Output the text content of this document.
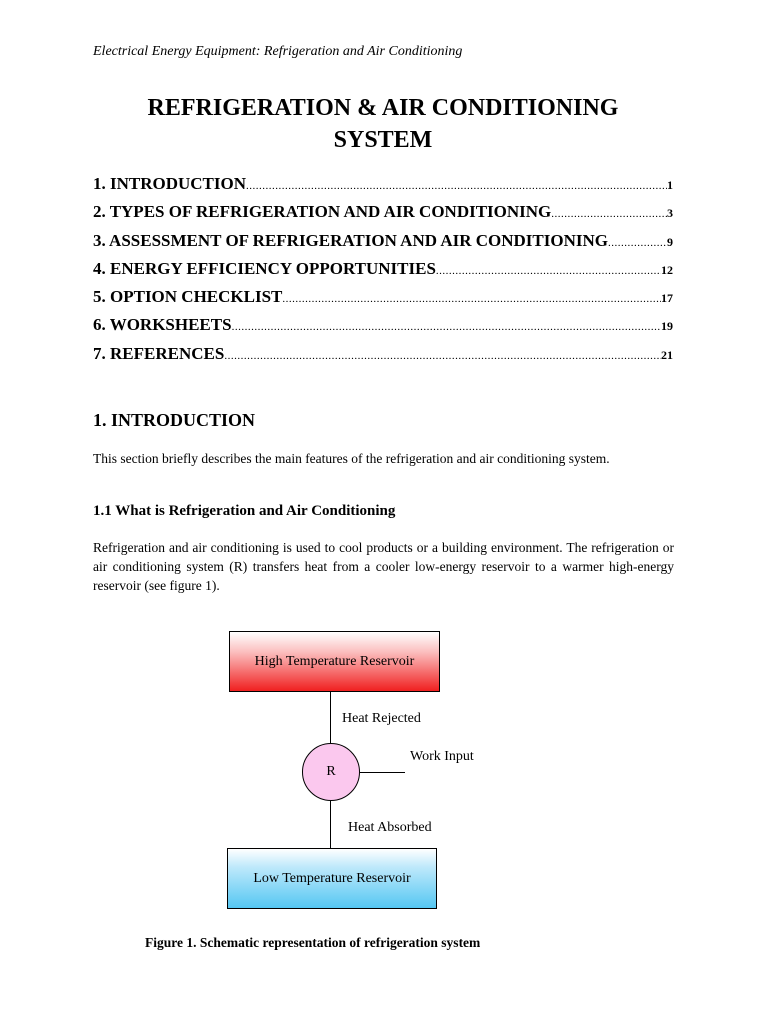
Electrical Energy Equipment: Refrigeration and Air Conditioning
REFRIGERATION & AIR CONDITIONING
SYSTEM
1. INTRODUCTION .....	1
2. TYPES OF REFRIGERATION AND AIR CONDITIONING .....	3
3. ASSESSMENT OF REFRIGERATION AND AIR CONDITIONING .....	9
4. ENERGY EFFICIENCY OPPORTUNITIES .....	12
5. OPTION CHECKLIST .....	17
6. WORKSHEETS .....	19
7. REFERENCES .....	21
1. INTRODUCTION
This section briefly describes the main features of the refrigeration and air conditioning system.
1.1 What is Refrigeration and Air Conditioning
Refrigeration and air conditioning is used to cool products or a building environment. The refrigeration or air conditioning system (R) transfers heat from a cooler low-energy reservoir to a warmer high-energy reservoir (see figure 1).
High Temperature Reservoir
Heat Rejected
R
Work Input
Heat Absorbed
Low Temperature Reservoir
Figure 1. Schematic representation of refrigeration system
